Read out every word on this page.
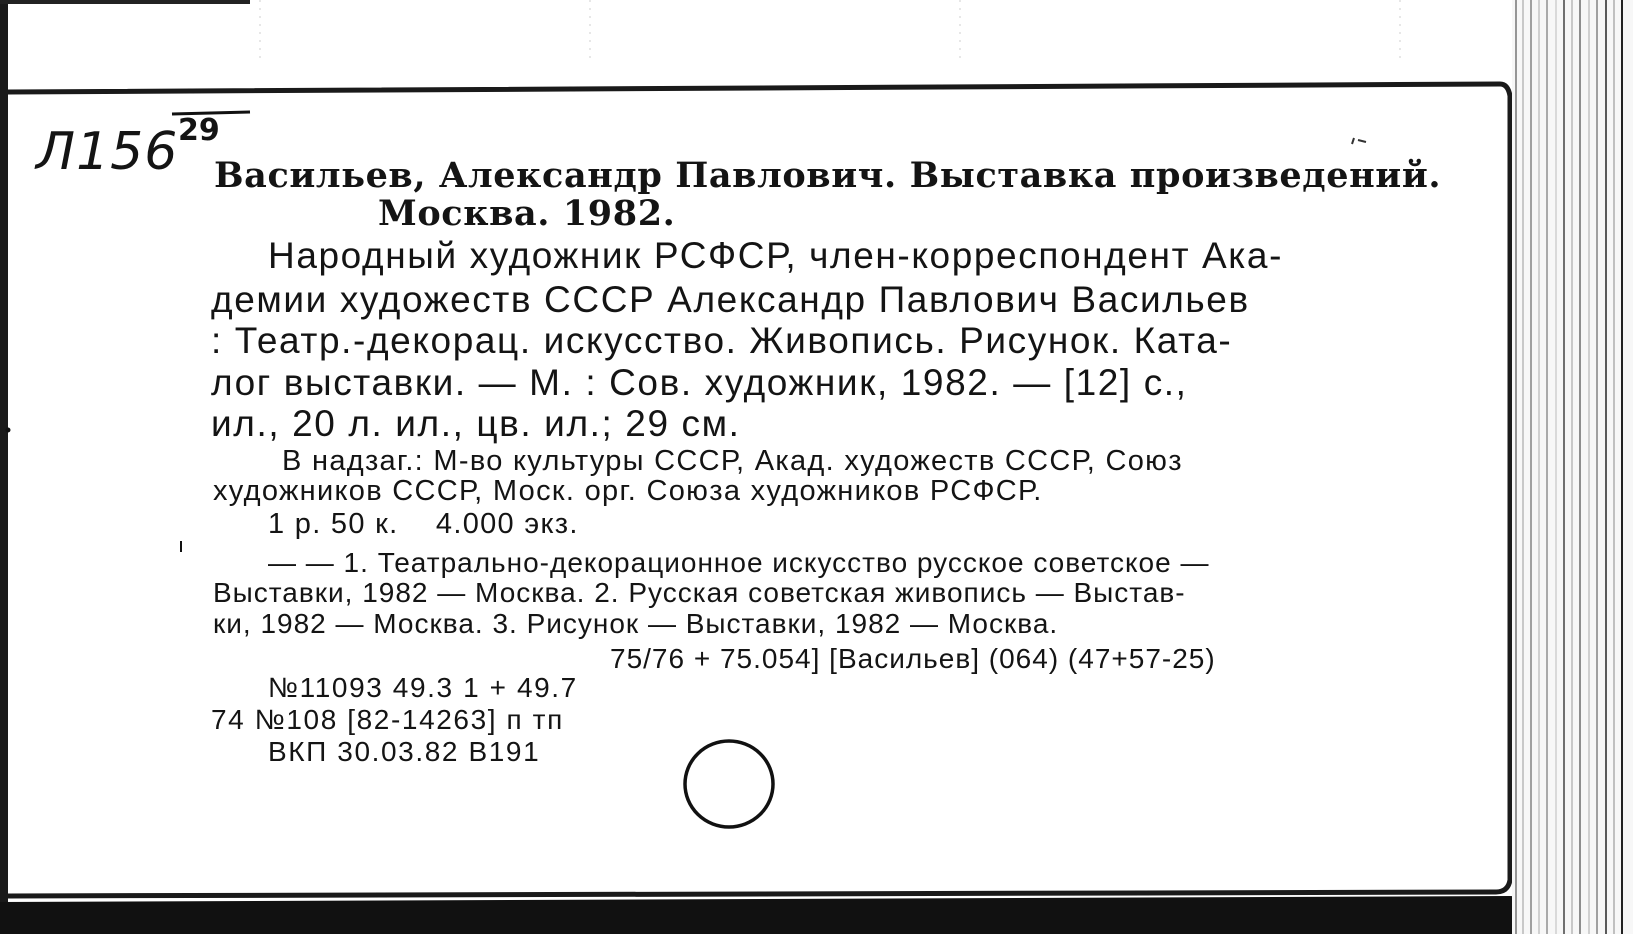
Л156 29
Васильев, Александр Павлович. Выставка произведений.
Москва. 1982.
Народный художник РСФСР, член-корреспондент Ака-
демии художеств СССР Александр Павлович Васильев
: Театр.-декорац. искусство. Живопись. Рисунок. Ката-
лог выставки. — М. : Сов. художник, 1982. — [12] с.,
ил., 20 л. ил., цв. ил.; 29 см.
В надзаг.: М-во культуры СССР, Акад. художеств СССР, Союз
художников СССР, Моск. орг. Союза художников РСФСР.
1 р. 50 к.    4.000 экз.
— — 1. Театрально-декорационное искусство русское советское —
Выставки, 1982 — Москва. 2. Русская советская живопись — Выстав-
ки, 1982 — Москва. 3. Рисунок — Выставки, 1982 — Москва.
75/76 + 75.054] [Васильев] (064) (47+57-25)
№11093 49.3 1 + 49.7
74 №108 [82-14263] п тп
ВКП 30.03.82 В191
